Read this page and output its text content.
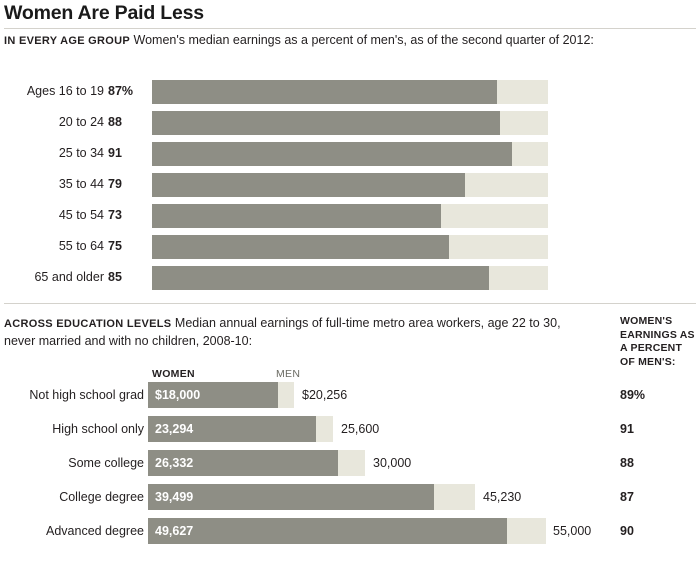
Women Are Paid Less
IN EVERY AGE GROUP Women's median earnings as a percent of men's, as of the second quarter of 2012:
Ages 16 to 19 87%
20 to 24 88
25 to 34 91
35 to 44 79
45 to 54 73
55 to 64 75
65 and older 85
ACROSS EDUCATION LEVELS Median annual earnings of full-time metro area workers, age 22 to 30, never married and with no children, 2008-10:
WOMEN'S EARNINGS AS A PERCENT OF MEN'S:
WOMEN	MEN
Not high school grad $18,000	$20,256	89%
High school only 23,294	25,600	91
Some college 26,332	30,000	88
College degree 39,499	45,230	87
Advanced degree 49,627	55,000 90
